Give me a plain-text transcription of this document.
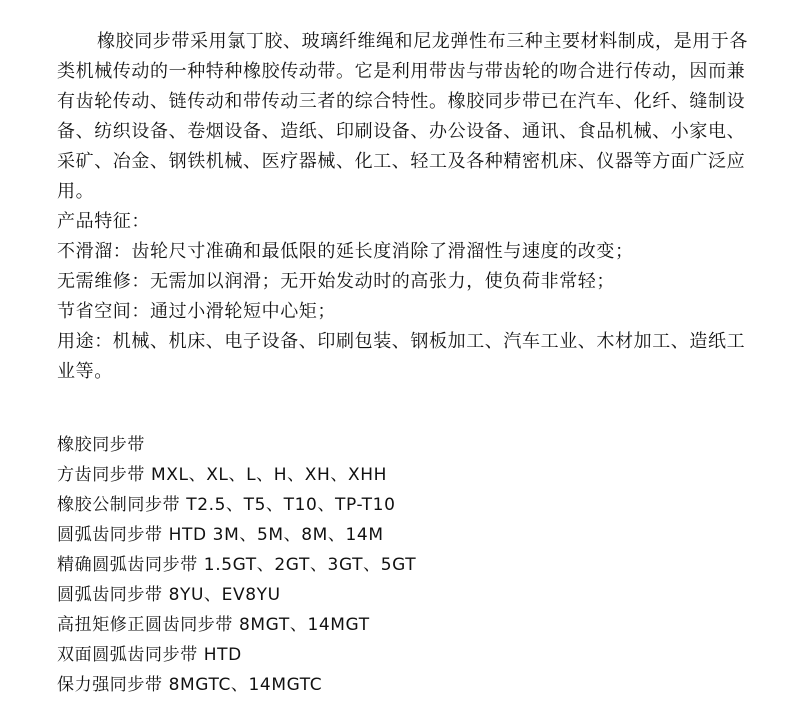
橡胶同步带采用氯丁胶、玻璃纤维绳和尼龙弹性布三种主要材料制成，是用于各类机械传动的一种特种橡胶传动带。它是利用带齿与带齿轮的吻合进行传动，因而兼有齿轮传动、链传动和带传动三者的综合特性。橡胶同步带已在汽车、化纤、缝制设备、纺织设备、卷烟设备、造纸、印刷设备、办公设备、通讯、食品机械、小家电、采矿、冶金、钢铁机械、医疗器械、化工、轻工及各种精密机床、仪器等方面广泛应用。

产品特征：

不滑溜：齿轮尺寸准确和最低限的延长度消除了滑溜性与速度的改变；

无需维修：无需加以润滑；无开始发动时的高张力，使负荷非常轻；

节省空间：通过小滑轮短中心矩；

用途：机械、机床、电子设备、印刷包装、钢板加工、汽车工业、木材加工、造纸工业等。

橡胶同步带

方齿同步带 MXL、XL、L、H、XH、XHH

橡胶公制同步带 T2.5、T5、T10、TP-T10

圆弧齿同步带 HTD 3M、5M、8M、14M

精确圆弧齿同步带 1.5GT、2GT、3GT、5GT

圆弧齿同步带 8YU、EV8YU

高扭矩修正圆齿同步带 8MGT、14MGT

双面圆弧齿同步带 HTD

保力强同步带 8MGTC、14MGTC
